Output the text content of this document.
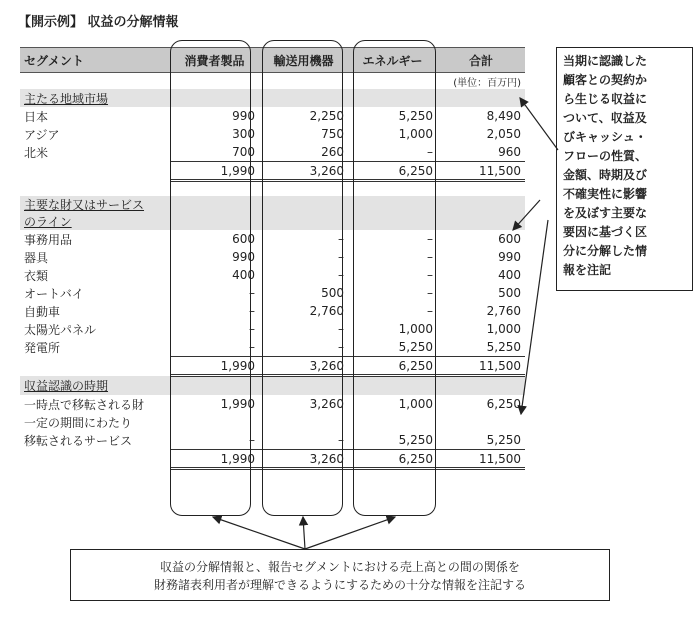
【開示例】 収益の分解情報
セグメント	消費者製品	輸送用機器	エネルギー	合計
				(単位：百万円)
主たる地域市場				
日本	990	2,250	5,250	8,490
アジア	300	750	1,000	2,050
北米	700	260	–	960
	1,990	3,260	6,250	11,500

主要な財又はサービス				
のライン				
事務用品	600	–	–	600
器具	990	–	–	990
衣類	400	–	–	400
オートバイ	–	500	–	500
自動車	–	2,760	–	2,760
太陽光パネル	–	–	1,000	1,000
発電所	–	–	5,250	5,250
	1,990	3,260	6,250	11,500
収益認識の時期				
一時点で移転される財	1,990	3,260	1,000	6,250
一定の期間にわたり				
移転されるサービス	–	–	5,250	5,250
	1,990	3,260	6,250	11,500
当期に認識した
顧客との契約か
ら生じる収益に
ついて、収益及
びキャッシュ・
フローの性質、
金額、時期及び
不確実性に影響
を及ぼす主要な
要因に基づく区
分に分解した情
報を注記
収益の分解情報と、報告セグメントにおける売上高との間の関係を
財務諸表利用者が理解できるようにするための十分な情報を注記する
